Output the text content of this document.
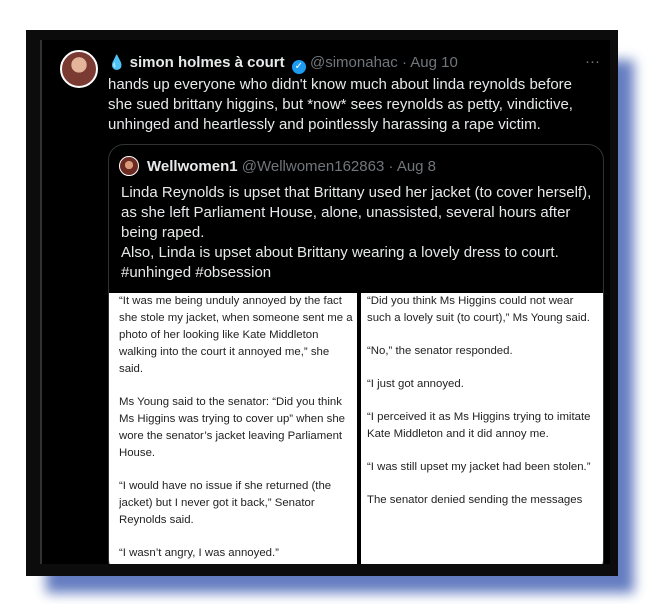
💧 simon holmes à court ✓ @simonahac · Aug 10	···
hands up everyone who didn't know much about linda reynolds before she sued brittany higgins, but *now* sees reynolds as petty, vindictive, unhinged and heartlessly and pointlessly harassing a rape victim.
Wellwomen1 @Wellwomen162863 · Aug 8
Linda Reynolds is upset that Brittany used her jacket (to cover herself), as she left Parliament House, alone, unassisted, several hours after being raped.
Also, Linda is upset about Brittany wearing a lovely dress to court.
#unhinged #obsession

“It was me being unduly annoyed by the fact she stole my jacket, when someone sent me a photo of her looking like Kate Middleton walking into the court it annoyed me,” she said.

Ms Young said to the senator: “Did you think Ms Higgins was trying to cover up” when she wore the senator’s jacket leaving Parliament House.

“I would have no issue if she returned (the jacket) but I never got it back,” Senator Reynolds said.

“I wasn’t angry, I was annoyed.”

“Did you think Ms Higgins could not wear such a lovely suit (to court),” Ms Young said.

“No,” the senator responded.

“I just got annoyed.

“I perceived it as Ms Higgins trying to imitate Kate Middleton and it did annoy me.

“I was still upset my jacket had been stolen.”

The senator denied sending the messages
